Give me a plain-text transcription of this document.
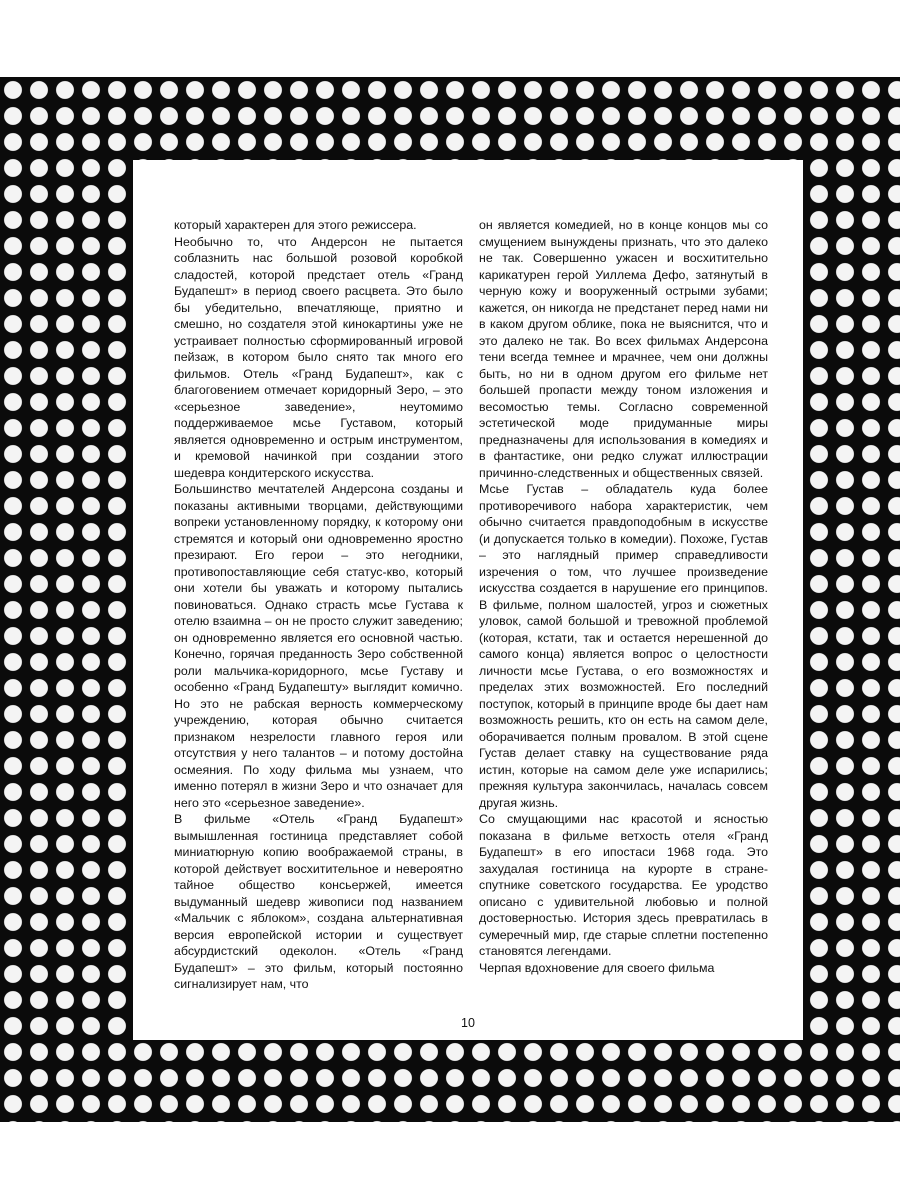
который характерен для этого режиссера.

Необычно то, что Андерсон не пытается соблазнить нас большой розовой коробкой сладостей, которой предстает отель «Гранд Будапешт» в период своего расцвета. Это было бы убедительно, впечатляюще, приятно и смешно, но создателя этой кинокартины уже не устраивает полностью сформированный игровой пейзаж, в котором было снято так много его фильмов. Отель «Гранд Будапешт», как с благоговением отмечает коридорный Зеро, – это «серьезное заведение», неутомимо поддерживаемое мсье Густавом, который является одновременно и острым инструментом, и кремовой начинкой при создании этого шедевра кондитерского искусства.

Большинство мечтателей Андерсона созданы и показаны активными творцами, действующими вопреки установленному порядку, к которому они стремятся и который они одновременно яростно презирают. Его герои – это негодники, противопоставляющие себя статус-кво, который они хотели бы уважать и которому пытались повиноваться. Однако страсть мсье Густава к отелю взаимна – он не просто служит заведению; он одновременно является его основной частью. Конечно, горячая преданность Зеро собственной роли мальчика-коридорного, мсье Густаву и особенно «Гранд Будапешту» выглядит комично. Но это не рабская верность коммерческому учреждению, которая обычно считается признаком незрелости главного героя или отсутствия у него талантов – и потому достойна осмеяния. По ходу фильма мы узнаем, что именно потерял в жизни Зеро и что означает для него это «серьезное заведение».

В фильме «Отель «Гранд Будапешт» вымышленная гостиница представляет собой миниатюрную копию воображаемой страны, в которой действует восхитительное и невероятно тайное общество консьержей, имеется выдуманный шедевр живописи под названием «Мальчик с яблоком», создана альтернативная версия европейской истории и существует абсурдистский одеколон. «Отель «Гранд Будапешт» – это фильм, который постоянно сигнализирует нам, что

он является комедией, но в конце концов мы со смущением вынуждены признать, что это далеко не так. Совершенно ужасен и восхитительно карикатурен герой Уиллема Дефо, затянутый в черную кожу и вооруженный острыми зубами; кажется, он никогда не предстанет перед нами ни в каком другом облике, пока не выяснится, что и это далеко не так. Во всех фильмах Андерсона тени всегда темнее и мрачнее, чем они должны быть, но ни в одном другом его фильме нет большей пропасти между тоном изложения и весомостью темы. Согласно современной эстетической моде придуманные миры предназначены для использования в комедиях и в фантастике, они редко служат иллюстрации причинно-следственных и общественных связей.

Мсье Густав – обладатель куда более противоречивого набора характеристик, чем обычно считается правдоподобным в искусстве (и допускается только в комедии). Похоже, Густав – это наглядный пример справедливости изречения о том, что лучшее произведение искусства создается в нарушение его принципов. В фильме, полном шалостей, угроз и сюжетных уловок, самой большой и тревожной проблемой (которая, кстати, так и остается нерешенной до самого конца) является вопрос о целостности личности мсье Густава, о его возможностях и пределах этих возможностей. Его последний поступок, который в принципе вроде бы дает нам возможность решить, кто он есть на самом деле, оборачивается полным провалом. В этой сцене Густав делает ставку на существование ряда истин, которые на самом деле уже испарились; прежняя культура закончилась, началась совсем другая жизнь.

Со смущающими нас красотой и ясностью показана в фильме ветхость отеля «Гранд Будапешт» в его ипостаси 1968 года. Это захудалая гостиница на курорте в стране-спутнике советского государства. Ее уродство описано с удивительной любовью и полной достоверностью. История здесь превратилась в сумеречный мир, где старые сплетни постепенно становятся легендами.

Черпая вдохновение для своего фильма

10
